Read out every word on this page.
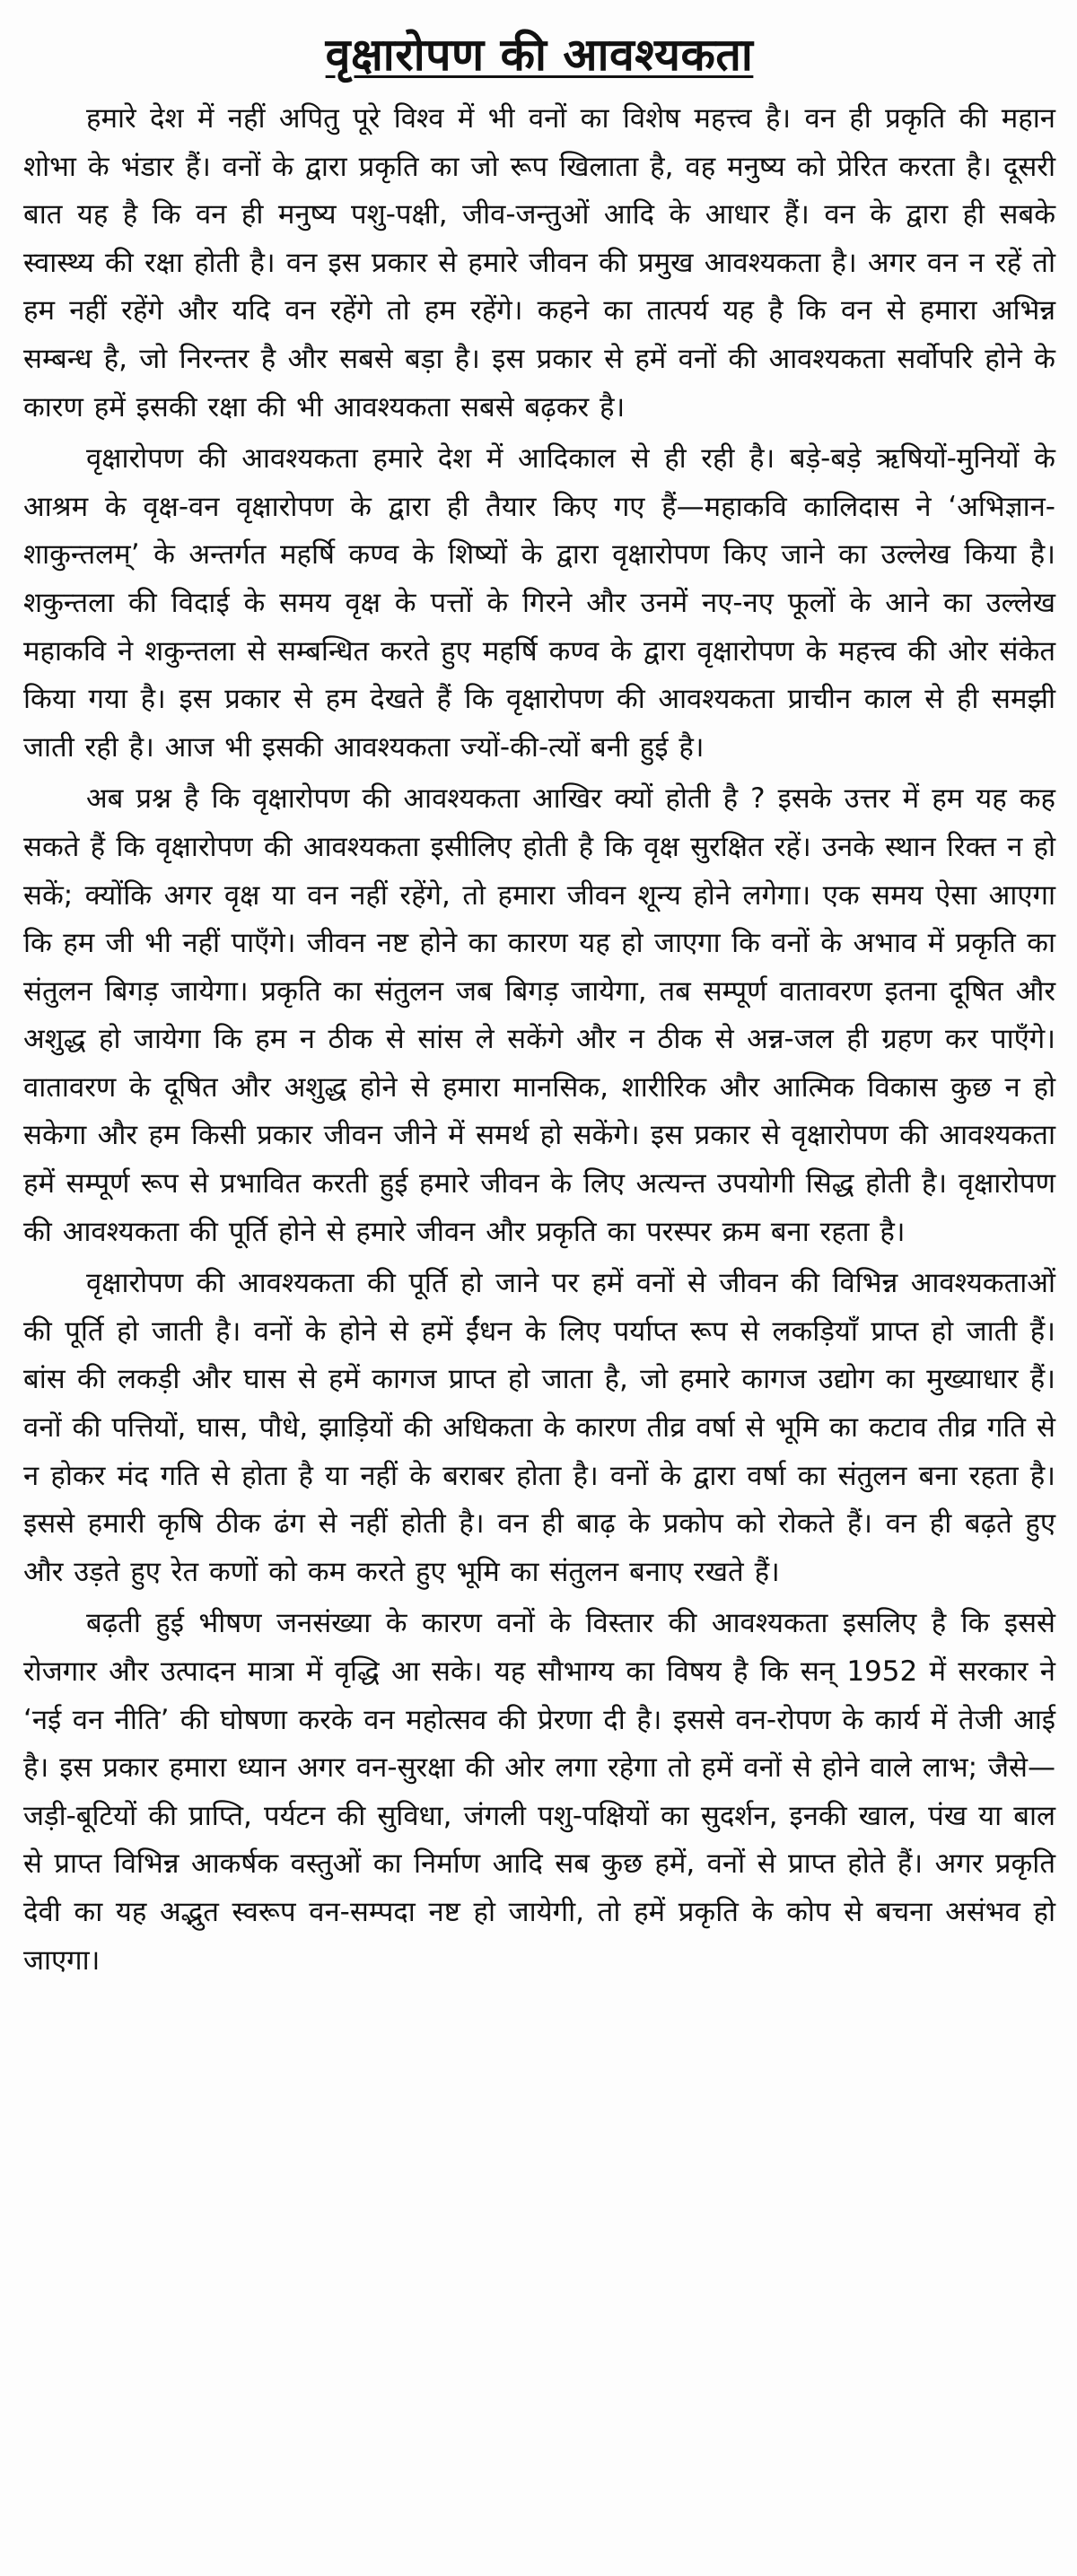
वृक्षारोपण की आवश्यकता

हमारे देश में नहीं अपितु पूरे विश्व में भी वनों का विशेष महत्त्व है। वन ही प्रकृति की महान शोभा के भंडार हैं। वनों के द्वारा प्रकृति का जो रूप खिलाता है, वह मनुष्य को प्रेरित करता है। दूसरी बात यह है कि वन ही मनुष्य पशु-पक्षी, जीव-जन्तुओं आदि के आधार हैं। वन के द्वारा ही सबके स्वास्थ्य की रक्षा होती है। वन इस प्रकार से हमारे जीवन की प्रमुख आवश्यकता है। अगर वन न रहें तो हम नहीं रहेंगे और यदि वन रहेंगे तो हम रहेंगे। कहने का तात्पर्य यह है कि वन से हमारा अभिन्न सम्बन्ध है, जो निरन्तर है और सबसे बड़ा है। इस प्रकार से हमें वनों की आवश्यकता सर्वोपरि होने के कारण हमें इसकी रक्षा की भी आवश्यकता सबसे बढ़कर है।

वृक्षारोपण की आवश्यकता हमारे देश में आदिकाल से ही रही है। बड़े-बड़े ऋषियों-मुनियों के आश्रम के वृक्ष-वन वृक्षारोपण के द्वारा ही तैयार किए गए हैं—महाकवि कालिदास ने ‘अभिज्ञान- शाकुन्तलम्’ के अन्तर्गत महर्षि कण्व के शिष्यों के द्वारा वृक्षारोपण किए जाने का उल्लेख किया है। शकुन्तला की विदाई के समय वृक्ष के पत्तों के गिरने और उनमें नए-नए फूलों के आने का उल्लेख महाकवि ने शकुन्तला से सम्बन्धित करते हुए महर्षि कण्व के द्वारा वृक्षारोपण के महत्त्व की ओर संकेत किया गया है। इस प्रकार से हम देखते हैं कि वृक्षारोपण की आवश्यकता प्राचीन काल से ही समझी जाती रही है। आज भी इसकी आवश्यकता ज्यों-की-त्यों बनी हुई है।

अब प्रश्न है कि वृक्षारोपण की आवश्यकता आखिर क्यों होती है ? इसके उत्तर में हम यह कह सकते हैं कि वृक्षारोपण की आवश्यकता इसीलिए होती है कि वृक्ष सुरक्षित रहें। उनके स्थान रिक्त न हो सकें; क्योंकि अगर वृक्ष या वन नहीं रहेंगे, तो हमारा जीवन शून्य होने लगेगा। एक समय ऐसा आएगा कि हम जी भी नहीं पाएँगे। जीवन नष्ट होने का कारण यह हो जाएगा कि वनों के अभाव में प्रकृति का संतुलन बिगड़ जायेगा। प्रकृति का संतुलन जब बिगड़ जायेगा, तब सम्पूर्ण वातावरण इतना दूषित और अशुद्ध हो जायेगा कि हम न ठीक से सांस ले सकेंगे और न ठीक से अन्न-जल ही ग्रहण कर पाएँगे। वातावरण के दूषित और अशुद्ध होने से हमारा मानसिक, शारीरिक और आत्मिक विकास कुछ न हो सकेगा और हम किसी प्रकार जीवन जीने में समर्थ हो सकेंगे। इस प्रकार से वृक्षारोपण की आवश्यकता हमें सम्पूर्ण रूप से प्रभावित करती हुई हमारे जीवन के लिए अत्यन्त उपयोगी सिद्ध होती है। वृक्षारोपण की आवश्यकता की पूर्ति होने से हमारे जीवन और प्रकृति का परस्पर क्रम बना रहता है।

वृक्षारोपण की आवश्यकता की पूर्ति हो जाने पर हमें वनों से जीवन की विभिन्न आवश्यकताओं की पूर्ति हो जाती है। वनों के होने से हमें ईंधन के लिए पर्याप्त रूप से लकड़ियाँ प्राप्त हो जाती हैं। बांस की लकड़ी और घास से हमें कागज प्राप्त हो जाता है, जो हमारे कागज उद्योग का मुख्याधार हैं। वनों की पत्तियों, घास, पौधे, झाड़ियों की अधिकता के कारण तीव्र वर्षा से भूमि का कटाव तीव्र गति से न होकर मंद गति से होता है या नहीं के बराबर होता है। वनों के द्वारा वर्षा का संतुलन बना रहता है। इससे हमारी कृषि ठीक ढंग से नहीं होती है। वन ही बाढ़ के प्रकोप को रोकते हैं। वन ही बढ़ते हुए और उड़ते हुए रेत कणों को कम करते हुए भूमि का संतुलन बनाए रखते हैं।

बढ़ती हुई भीषण जनसंख्या के कारण वनों के विस्तार की आवश्यकता इसलिए है कि इससे रोजगार और उत्पादन मात्रा में वृद्धि आ सके। यह सौभाग्य का विषय है कि सन् 1952 में सरकार ने ‘नई वन नीति’ की घोषणा करके वन महोत्सव की प्रेरणा दी है। इससे वन-रोपण के कार्य में तेजी आई है। इस प्रकार हमारा ध्यान अगर वन-सुरक्षा की ओर लगा रहेगा तो हमें वनों से होने वाले लाभ; जैसे—जड़ी-बूटियों की प्राप्ति, पर्यटन की सुविधा, जंगली पशु-पक्षियों का सुदर्शन, इनकी खाल, पंख या बाल से प्राप्त विभिन्न आकर्षक वस्तुओं का निर्माण आदि सब कुछ हमें, वनों से प्राप्त होते हैं। अगर प्रकृति देवी का यह अद्भुत स्वरूप वन-सम्पदा नष्ट हो जायेगी, तो हमें प्रकृति के कोप से बचना असंभव हो जाएगा।
